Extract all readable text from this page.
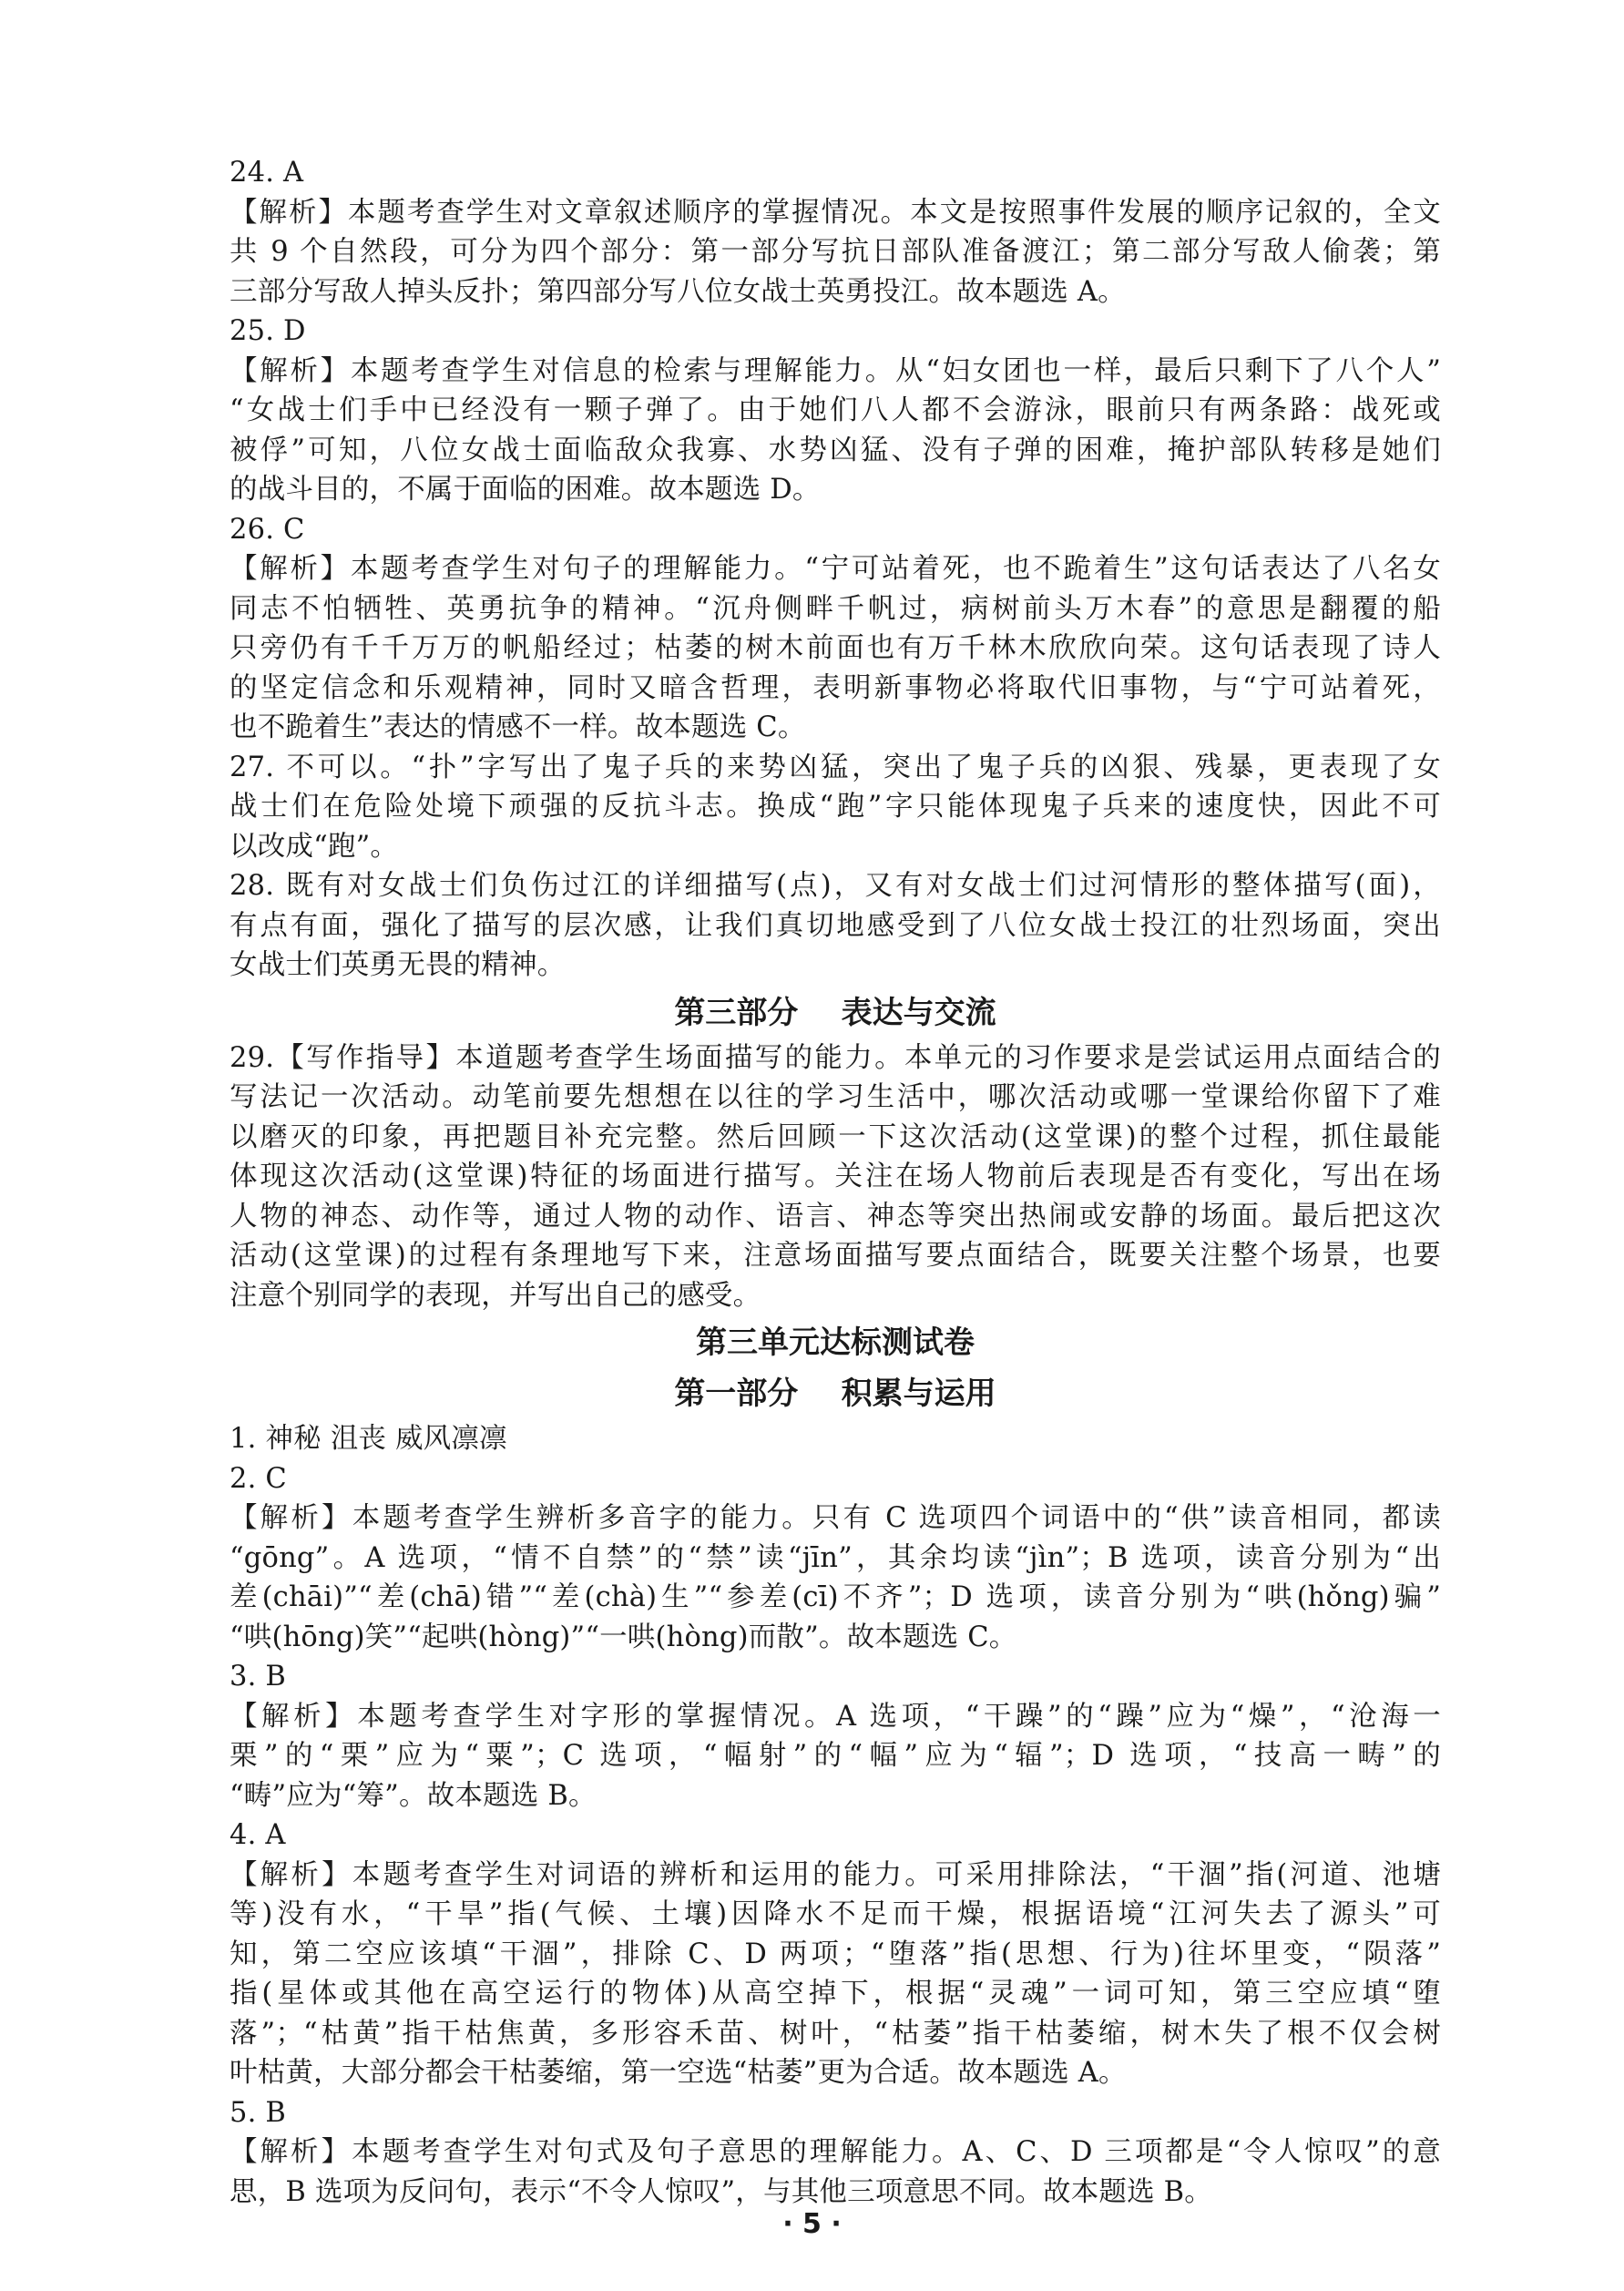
24. A
【解析】本题考查学生对文章叙述顺序的掌握情况。本文是按照事件发展的顺序记叙的，全文
共 9 个自然段，可分为四个部分：第一部分写抗日部队准备渡江；第二部分写敌人偷袭；第
三部分写敌人掉头反扑；第四部分写八位女战士英勇投江。故本题选 A。
25. D
【解析】本题考查学生对信息的检索与理解能力。从“妇女团也一样，最后只剩下了八个人”
“女战士们手中已经没有一颗子弹了。由于她们八人都不会游泳，眼前只有两条路：战死或
被俘”可知，八位女战士面临敌众我寡、水势凶猛、没有子弹的困难，掩护部队转移是她们
的战斗目的，不属于面临的困难。故本题选 D。
26. C
【解析】本题考查学生对句子的理解能力。“宁可站着死，也不跪着生”这句话表达了八名女
同志不怕牺牲、英勇抗争的精神。“沉舟侧畔千帆过，病树前头万木春”的意思是翻覆的船
只旁仍有千千万万的帆船经过；枯萎的树木前面也有万千林木欣欣向荣。这句话表现了诗人
的坚定信念和乐观精神，同时又暗含哲理，表明新事物必将取代旧事物，与“宁可站着死，
也不跪着生”表达的情感不一样。故本题选 C。
27. 不可以。“扑”字写出了鬼子兵的来势凶猛，突出了鬼子兵的凶狠、残暴，更表现了女
战士们在危险处境下顽强的反抗斗志。换成“跑”字只能体现鬼子兵来的速度快，因此不可
以改成“跑”。
28. 既有对女战士们负伤过江的详细描写(点)，又有对女战士们过河情形的整体描写(面)，
有点有面，强化了描写的层次感，让我们真切地感受到了八位女战士投江的壮烈场面，突出
女战士们英勇无畏的精神。
第三部分    表达与交流
29.【写作指导】本道题考查学生场面描写的能力。本单元的习作要求是尝试运用点面结合的
写法记一次活动。动笔前要先想想在以往的学习生活中，哪次活动或哪一堂课给你留下了难
以磨灭的印象，再把题目补充完整。然后回顾一下这次活动(这堂课)的整个过程，抓住最能
体现这次活动(这堂课)特征的场面进行描写。关注在场人物前后表现是否有变化，写出在场
人物的神态、动作等，通过人物的动作、语言、神态等突出热闹或安静的场面。最后把这次
活动(这堂课)的过程有条理地写下来，注意场面描写要点面结合，既要关注整个场景，也要
注意个别同学的表现，并写出自己的感受。
第三单元达标测试卷
第一部分    积累与运用
1. 神秘 沮丧 威风凛凛
2. C
【解析】本题考查学生辨析多音字的能力。只有 C 选项四个词语中的“供”读音相同，都读
“gōng”。A 选项，“情不自禁”的“禁”读“jīn”，其余均读“jìn”；B 选项，读音分别为“出
差(chāi)”“差(chā)错”“差(chà)生”“参差(cī)不齐”；D 选项，读音分别为“哄(hǒng)骗”
“哄(hōng)笑”“起哄(hòng)”“一哄(hòng)而散”。故本题选 C。
3. B
【解析】本题考查学生对字形的掌握情况。A 选项，“干躁”的“躁”应为“燥”，“沧海一
栗”的“栗”应为“粟”；C 选项，“幅射”的“幅”应为“辐”；D 选项，“技高一畴”的
“畴”应为“筹”。故本题选 B。
4. A
【解析】本题考查学生对词语的辨析和运用的能力。可采用排除法，“干涸”指(河道、池塘
等)没有水，“干旱”指(气候、土壤)因降水不足而干燥，根据语境“江河失去了源头”可
知，第二空应该填“干涸”，排除 C、D 两项；“堕落”指(思想、行为)往坏里变，“陨落”
指(星体或其他在高空运行的物体)从高空掉下，根据“灵魂”一词可知，第三空应填“堕
落”；“枯黄”指干枯焦黄，多形容禾苗、树叶，“枯萎”指干枯萎缩，树木失了根不仅会树
叶枯黄，大部分都会干枯萎缩，第一空选“枯萎”更为合适。故本题选 A。
5. B
【解析】本题考查学生对句式及句子意思的理解能力。A、C、D 三项都是“令人惊叹”的意
思，B 选项为反问句，表示“不令人惊叹”，与其他三项意思不同。故本题选 B。
· 5 ·
